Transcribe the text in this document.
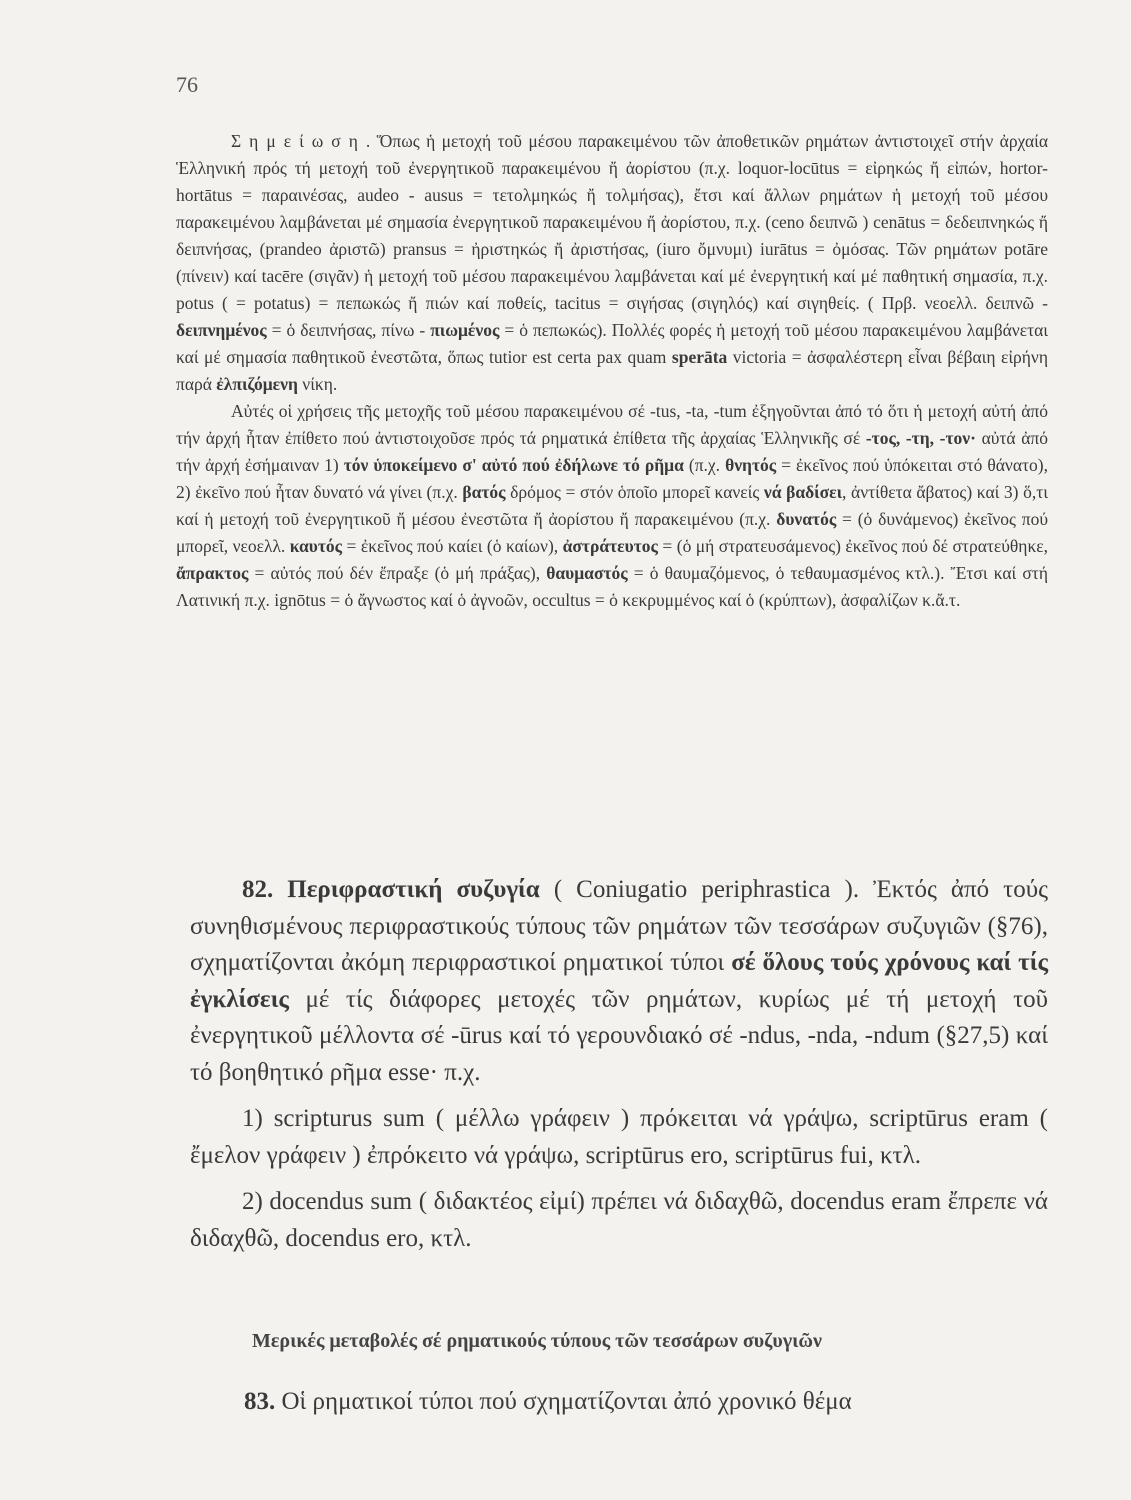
76

Σημείωση. Ὅπως ἡ μετοχή τοῦ μέσου παρακειμένου τῶν ἀποθετικῶν ρημάτων ἀντιστοιχεῖ στήν ἀρχαία Ἑλληνική πρός τή μετοχή τοῦ ἐνεργητικοῦ παρακειμένου ἤ ἀορίστου (π.χ. loquor-locūtus = εἰρηκώς ἤ εἰπών, hortor-hortātus = παραινέσας, audeo - ausus = τετολμηκώς ἤ τολμήσας), ἔτσι καί ἄλλων ρημάτων ἡ μετοχή τοῦ μέσου παρακειμένου λαμβάνεται μέ σημασία ἐνεργητικοῦ παρακειμένου ἤ ἀορίστου, π.χ. (ceno δειπνῶ ) cenātus = δεδειπνηκώς ἤ δειπνήσας, (prandeo ἀριστῶ) pransus = ἠριστηκώς ἤ ἀριστήσας, (iuro ὄμνυμι) iurātus = ὀμόσας. Τῶν ρημάτων potāre (πίνειν) καί tacēre (σιγᾶν) ἡ μετοχή τοῦ μέσου παρακειμένου λαμβάνεται καί μέ ἐνεργητική καί μέ παθητική σημασία, π.χ. potus ( = potatus) = πεπωκώς ἤ πιών καί ποθείς, tacitus = σιγήσας (σιγηλός) καί σιγηθείς. ( Πρβ. νεοελλ. δειπνῶ - δειπνημένος = ὁ δειπνήσας, πίνω - πιωμένος = ὁ πεπωκώς). Πολλές φορές ἡ μετοχή τοῦ μέσου παρακειμένου λαμβάνεται καί μέ σημασία παθητικοῦ ἐνεστῶτα, ὅπως tutior est certa pax quam sperāta victoria = ἀσφαλέστερη εἶναι βέβαιη εἰρήνη παρά ἐλπιζόμενη νίκη.

Αὐτές οἱ χρήσεις τῆς μετοχῆς τοῦ μέσου παρακειμένου σέ -tus, -ta, -tum ἐξηγοῦνται ἀπό τό ὅτι ἡ μετοχή αὐτή ἀπό τήν ἀρχή ἦταν ἐπίθετο πού ἀντιστοιχοῦσε πρός τά ρηματικά ἐπίθετα τῆς ἀρχαίας Ἑλληνικῆς σέ -τος, -τη, -τον· αὐτά ἀπό τήν ἀρχή ἐσήμαιναν 1) τόν ὑποκείμενο σ' αὐτό πού ἐδήλωνε τό ρῆμα (π.χ. θνητός = ἐκεῖνος πού ὑπόκειται στό θάνατο), 2) ἐκεῖνο πού ἦταν δυνατό νά γίνει (π.χ. βατός δρόμος = στόν ὁποῖο μπορεῖ κανείς νά βαδίσει, ἀντίθετα ἄβατος) καί 3) ὅ,τι καί ἡ μετοχή τοῦ ἐνεργητικοῦ ἤ μέσου ἐνεστῶτα ἤ ἀορίστου ἤ παρακειμένου (π.χ. δυνατός = (ὁ δυνάμενος) ἐκεῖνος πού μπορεῖ, νεοελλ. καυτός = ἐκεῖνος πού καίει (ὁ καίων), ἀστράτευτος = (ὁ μή στρατευσάμενος) ἐκεῖνος πού δέ στρατεύθηκε, ἄπρακτος = αὐτός πού δέν ἔπραξε (ὁ μή πράξας), θαυμαστός = ὁ θαυμαζόμενος, ὁ τεθαυμασμένος κτλ.). Ἔτσι καί στή Λατινική π.χ. ignōtus = ὁ ἄγνωστος καί ὁ ἀγνοῶν, occultus = ὁ κεκρυμμένος καί ὁ (κρύπτων), ἀσφαλίζων κ.ἄ.τ.

82. Περιφραστική συζυγία ( Coniugatio periphrastica ). Ἐκτός ἀπό τούς συνηθισμένους περιφραστικούς τύπους τῶν ρημάτων τῶν τεσσάρων συζυγιῶν (§76), σχηματίζονται ἀκόμη περιφραστικοί ρηματικοί τύποι σέ ὅλους τούς χρόνους καί τίς ἐγκλίσεις μέ τίς διάφορες μετοχές τῶν ρημάτων, κυρίως μέ τή μετοχή τοῦ ἐνεργητικοῦ μέλλοντα σέ -ūrus καί τό γερουνδιακό σέ -ndus, -nda, -ndum (§27,5) καί τό βοηθητικό ρῆμα esse· π.χ.

1) scripturus sum ( μέλλω γράφειν ) πρόκειται νά γράψω, scriptūrus eram ( ἔμελον γράφειν ) ἐπρόκειτο νά γράψω, scriptūrus ero, scriptūrus fui, κτλ.

2) docendus sum ( διδακτέος εἰμί) πρέπει νά διδαχθῶ, docendus eram ἔπρεπε νά διδαχθῶ, docendus ero, κτλ.

Μερικές μεταβολές σέ ρηματικούς τύπους τῶν τεσσάρων συζυγιῶν
83. Οἱ ρηματικοί τύποι πού σχηματίζονται ἀπό χρονικό θέμα
